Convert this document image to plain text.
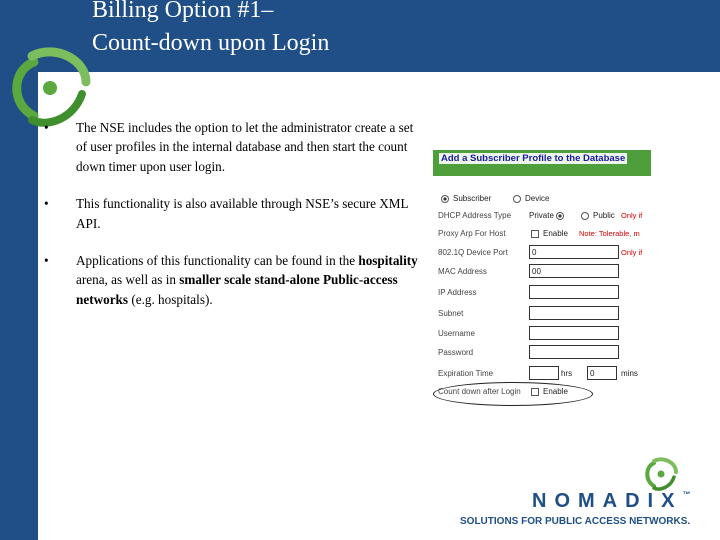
Billing Option #1–
Count-down upon Login
• The NSE includes the option to let the administrator create a set of user profiles in the internal database and then start the count down timer upon user login.
• This functionality is also available through NSE’s secure XML API.
• Applications of this functionality can be found in the hospitality arena, as well as in smaller scale stand-alone Public-access networks (e.g. hospitals).
Add a Subscriber Profile to the Database
Subscriber	Device
DHCP Address Type Private	Public Only if
Proxy Arp For Host	Enable Note: Tolerable, m
802.1Q Device Port	0	Only if
MAC Address	00
IP Address
Subnet
Username
Password
Expiration Time	hrs	0	mins
Count down after Login	Enable
NOMADIX™
SOLUTIONS FOR PUBLIC ACCESS NETWORKS.
